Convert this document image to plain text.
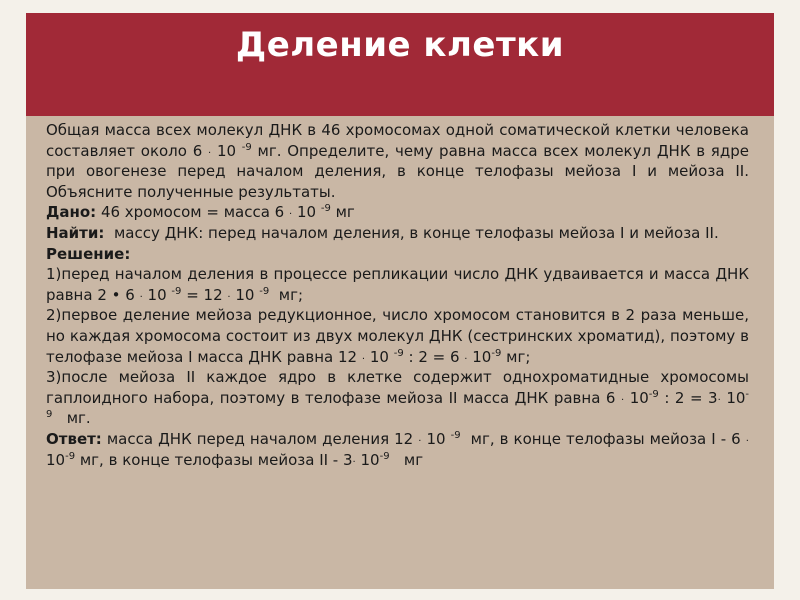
Деление клетки

Общая масса всех молекул ДНК в 46 хромосомах одной соматической клетки человека составляет около 6 . 10 $^{-9}$ мг. Определите, чему равна масса всех молекул ДНК в ядре при овогенезе перед началом деления, в конце телофазы мейоза I и мейоза II. Объясните полученные результаты.

Дано: 46 хромосом = масса 6 . 10 $^{-9}$ мг

Найти: массу ДНК: перед началом деления, в конце телофазы мейоза I и мейоза II.

Решение:

1)перед началом деления в процессе репликации число ДНК удваивается и масса ДНК равна 2 • 6 . 10 $^{-9}$ = 12 . 10 $^{-9}$ мг;

2)первое деление мейоза редукционное, число хромосом становится в 2 раза меньше, но каждая хромосома состоит из двух молекул ДНК (сестринских хроматид), поэтому в телофазе мейоза I масса ДНК равна 12 . 10 $^{-9}$ : 2 = 6 . $10^{-9}$ мг;

3)после мейоза II каждое ядро в клетке содержит однохроматидные хромосомы гаплоидного набора, поэтому в телофазе мейоза II масса ДНК равна 6 . $10^{-9}$ : 2 = 3. $10^{-9}$ мг.

Ответ: масса ДНК перед началом деления 12 . 10 $^{-9}$ мг, в конце телофазы мейоза I - 6 . $10^{-9}$ мг, в конце телофазы мейоза II - 3. $10^{-9}$ мг
